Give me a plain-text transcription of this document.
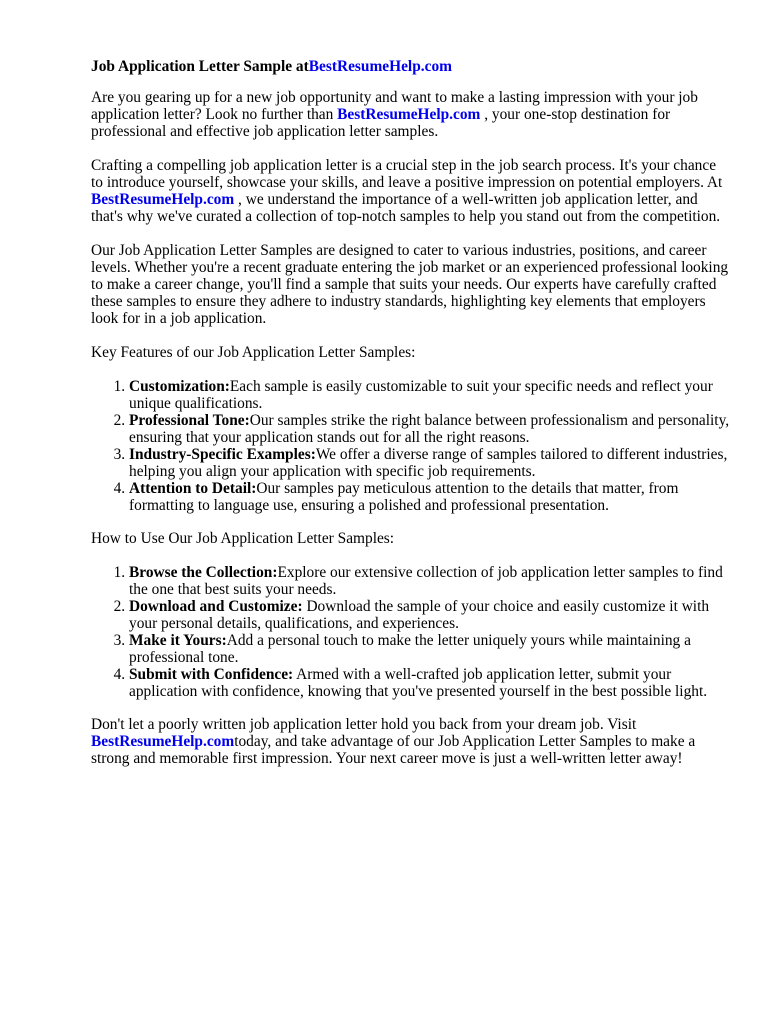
Job Application Letter Sample atBestResumeHelp.com

Are you gearing up for a new job opportunity and want to make a lasting impression with your job application letter? Look no further than BestResumeHelp.com , your one-stop destination for professional and effective job application letter samples.

Crafting a compelling job application letter is a crucial step in the job search process. It's your chance to introduce yourself, showcase your skills, and leave a positive impression on potential employers. At BestResumeHelp.com , we understand the importance of a well-written job application letter, and that's why we've curated a collection of top-notch samples to help you stand out from the competition.

Our Job Application Letter Samples are designed to cater to various industries, positions, and career levels. Whether you're a recent graduate entering the job market or an experienced professional looking to make a career change, you'll find a sample that suits your needs. Our experts have carefully crafted these samples to ensure they adhere to industry standards, highlighting key elements that employers look for in a job application.

Key Features of our Job Application Letter Samples:

1. Customization:Each sample is easily customizable to suit your specific needs and reflect your unique qualifications.
2. Professional Tone:Our samples strike the right balance between professionalism and personality, ensuring that your application stands out for all the right reasons.
3. Industry-Specific Examples:We offer a diverse range of samples tailored to different industries, helping you align your application with specific job requirements.
4. Attention to Detail:Our samples pay meticulous attention to the details that matter, from formatting to language use, ensuring a polished and professional presentation.

How to Use Our Job Application Letter Samples:

1. Browse the Collection:Explore our extensive collection of job application letter samples to find the one that best suits your needs.
2. Download and Customize: Download the sample of your choice and easily customize it with your personal details, qualifications, and experiences.
3. Make it Yours:Add a personal touch to make the letter uniquely yours while maintaining a professional tone.
4. Submit with Confidence: Armed with a well-crafted job application letter, submit your application with confidence, knowing that you've presented yourself in the best possible light.

Don't let a poorly written job application letter hold you back from your dream job. Visit BestResumeHelp.comtoday, and take advantage of our Job Application Letter Samples to make a strong and memorable first impression. Your next career move is just a well-written letter away!
